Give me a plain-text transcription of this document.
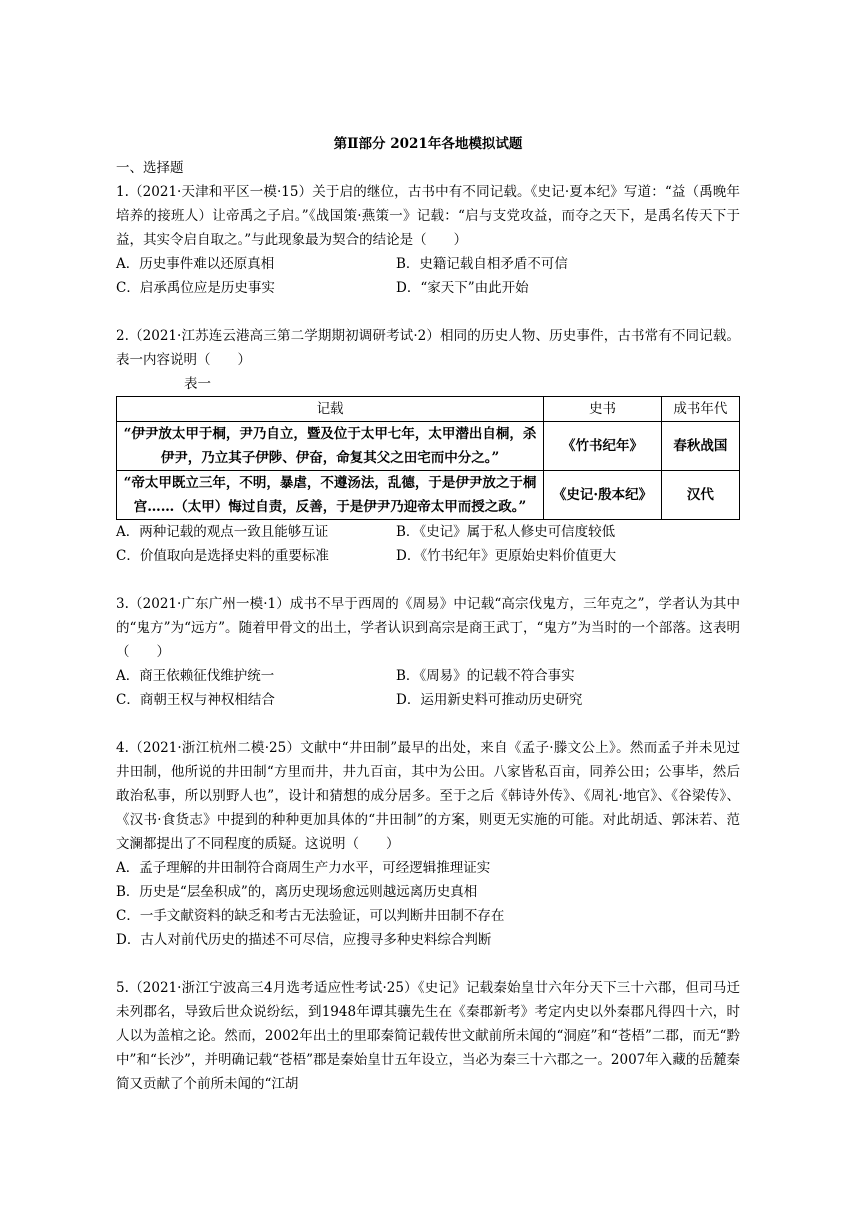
第Ⅱ部分 2021年各地模拟试题

一、选择题

1.（2021·天津和平区一模·15）关于启的继位，古书中有不同记载。《史记·夏本纪》写道：“益（禹晚年培养的接班人）让帝禹之子启。”《战国策·燕策一》记载：“启与支党攻益，而夺之天下，是禹名传天下于益，其实令启自取之。”与此现象最为契合的结论是（　　）

A．历史事件难以还原真相	B．史籍记载自相矛盾不可信
C．启承禹位应是历史事实	D．“家天下”由此开始

2.（2021·江苏连云港高三第二学期期初调研考试·2）相同的历史人物、历史事件，古书常有不同记载。表一内容说明（　　）

表一
记载	史书	成书年代
“伊尹放太甲于桐，尹乃自立，暨及位于太甲七年，太甲潜出自桐，杀伊尹，乃立其子伊陟、伊奋，命复其父之田宅而中分之。”	《竹书纪年》	春秋战国
“帝太甲既立三年，不明，暴虐，不遵汤法，乱德，于是伊尹放之于桐宫……（太甲）悔过自责，反善，于是伊尹乃迎帝太甲而授之政。”	《史记·殷本纪》	汉代
A．两种记载的观点一致且能够互证	B．《史记》属于私人修史可信度较低
C．价值取向是选择史料的重要标准	D．《竹书纪年》更原始史料价值更大

3.（2021·广东广州一模·1）成书不早于西周的《周易》中记载“高宗伐鬼方，三年克之”，学者认为其中的“鬼方”为“远方”。随着甲骨文的出土，学者认识到高宗是商王武丁，“鬼方”为当时的一个部落。这表明（　　）

A．商王依赖征伐维护统一	B．《周易》的记载不符合事实
C．商朝王权与神权相结合	D．运用新史料可推动历史研究

4.（2021·浙江杭州二模·25）文献中“井田制”最早的出处，来自《孟子·滕文公上》。然而孟子并未见过井田制，他所说的井田制“方里而井，井九百亩，其中为公田。八家皆私百亩，同养公田；公事毕，然后敢治私事，所以别野人也”，设计和猜想的成分居多。至于之后《韩诗外传》、《周礼·地官》、《谷梁传》、《汉书·食货志》中提到的种种更加具体的“井田制”的方案，则更无实施的可能。对此胡适、郭沫若、范文澜都提出了不同程度的质疑。这说明（　　）

A．孟子理解的井田制符合商周生产力水平，可经逻辑推理证实
B．历史是“层垒积成”的，离历史现场愈远则越远离历史真相
C．一手文献资料的缺乏和考古无法验证，可以判断井田制不存在
D．古人对前代历史的描述不可尽信，应搜寻多种史料综合判断

5.（2021·浙江宁波高三4月选考适应性考试·25）《史记》记载秦始皇廿六年分天下三十六郡，但司马迁未列郡名，导致后世众说纷纭，到1948年谭其骧先生在《秦郡新考》考定内史以外秦郡凡得四十六，时人以为盖棺之论。然而，2002年出土的里耶秦简记载传世文献前所未闻的“洞庭”和“苍梧”二郡，而无“黔中”和“长沙”，并明确记载“苍梧”郡是秦始皇廿五年设立，当必为秦三十六郡之一。2007年入藏的岳麓秦简又贡献了个前所未闻的“江胡
